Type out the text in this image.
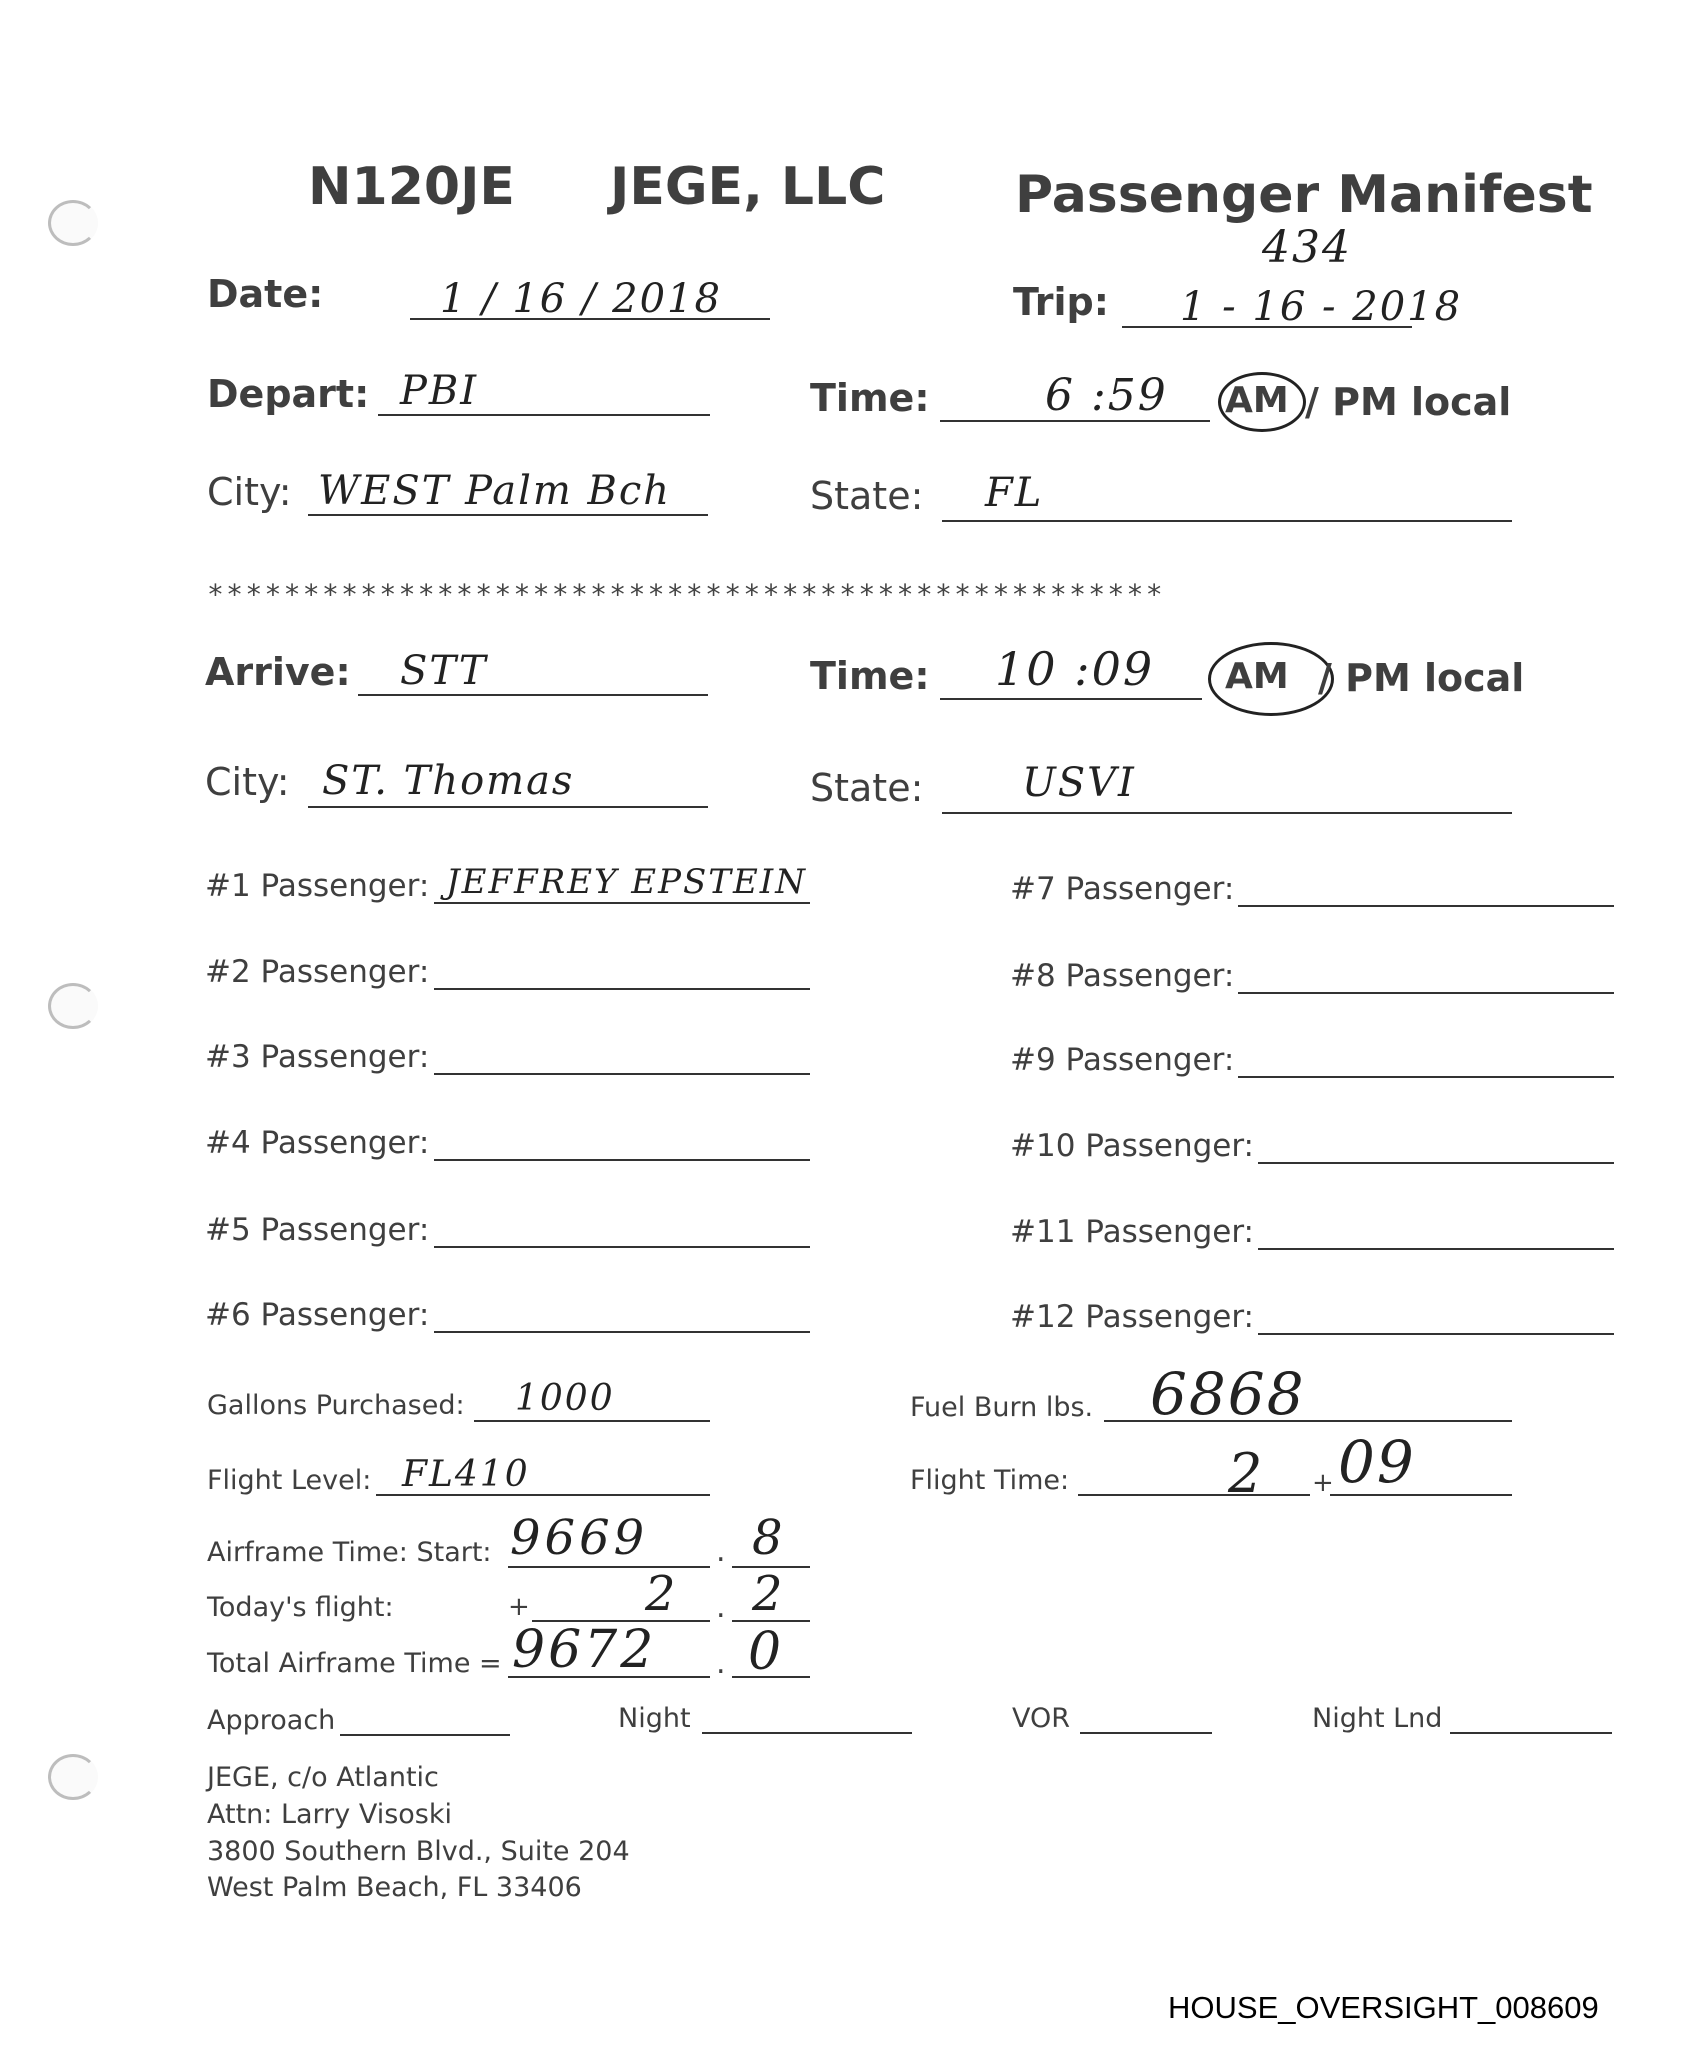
N120JE JEGE, LLC Passenger Manifest
434
Date:	1 / 16 / 2018	Trip: 1 - 16 - 2018
Depart: PBI	Time:	6 :59 AM / PM local
City: WEST Palm Bch	State: FL
**************************************************
Arrive: STT	Time: 10 :09 AM / PM local
City: ST. Thomas	State: USVI
#1 Passenger: JEFFREY EPSTEIN
#2 Passenger:
#3 Passenger:
#4 Passenger:
#5 Passenger:
#6 Passenger:
#7 Passenger:
#8 Passenger:
#9 Passenger:
#10 Passenger:
#11 Passenger:
#12 Passenger:
Gallons Purchased: 1000	Fuel Burn lbs. 6868
Flight Level: FL410	Flight Time:	2 + 09
Airframe Time: Start: 9669 . 8
Today's flight:	+ 2 . 2
Total Airframe Time = 9672 . 0
Approach	Night	VOR	Night Lnd
JEGE, c/o Atlantic
Attn: Larry Visoski
3800 Southern Blvd., Suite 204
West Palm Beach, FL 33406
HOUSE_OVERSIGHT_008609
